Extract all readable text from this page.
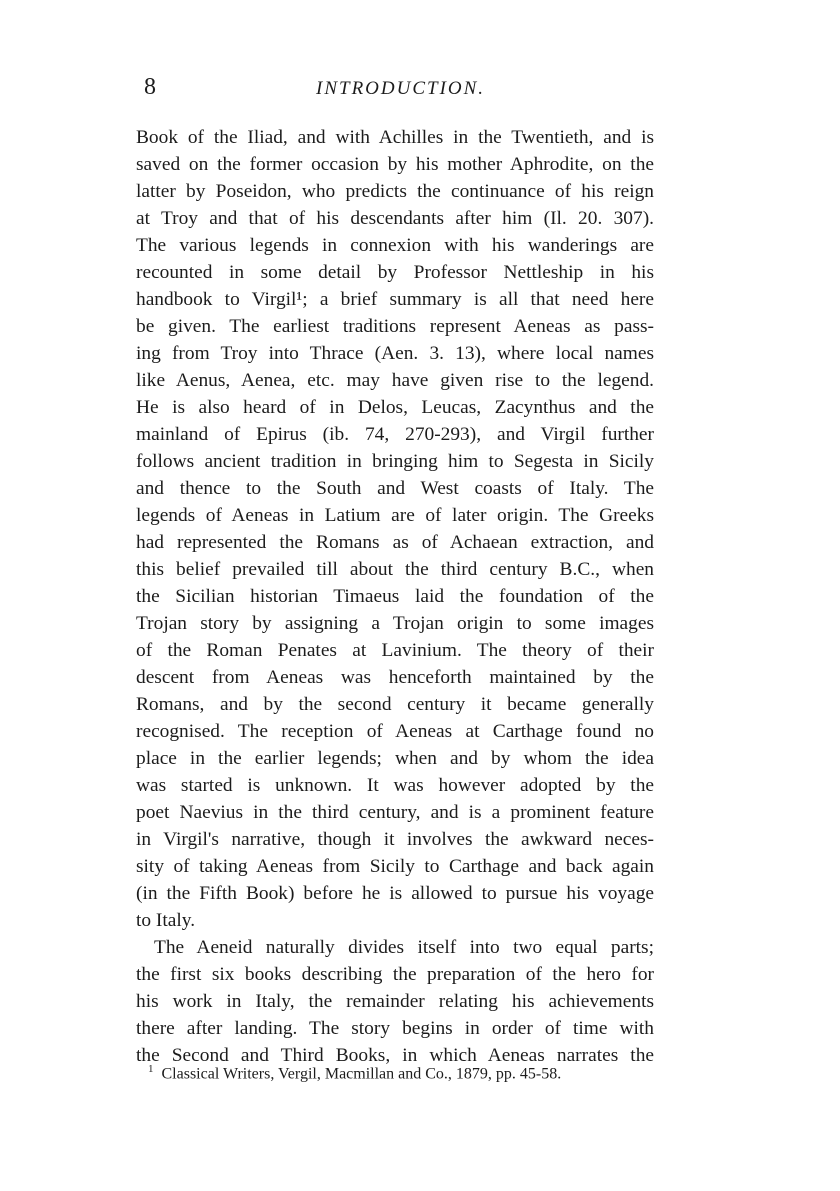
8	INTRODUCTION.
Book of the Iliad, and with Achilles in the Twentieth, and is
saved on the former occasion by his mother Aphrodite, on the
latter by Poseidon, who predicts the continuance of his reign
at Troy and that of his descendants after him (Il. 20. 307).
The various legends in connexion with his wanderings are
recounted in some detail by Professor Nettleship in his
handbook to Virgil¹; a brief summary is all that need here
be given. The earliest traditions represent Aeneas as pass-
ing from Troy into Thrace (Aen. 3. 13), where local names
like Aenus, Aenea, etc. may have given rise to the legend.
He is also heard of in Delos, Leucas, Zacynthus and the
mainland of Epirus (ib. 74, 270-293), and Virgil further
follows ancient tradition in bringing him to Segesta in Sicily
and thence to the South and West coasts of Italy. The
legends of Aeneas in Latium are of later origin. The Greeks
had represented the Romans as of Achaean extraction, and
this belief prevailed till about the third century B.C., when
the Sicilian historian Timaeus laid the foundation of the
Trojan story by assigning a Trojan origin to some images
of the Roman Penates at Lavinium. The theory of their
descent from Aeneas was henceforth maintained by the
Romans, and by the second century it became generally
recognised. The reception of Aeneas at Carthage found no
place in the earlier legends; when and by whom the idea
was started is unknown. It was however adopted by the
poet Naevius in the third century, and is a prominent feature
in Virgil's narrative, though it involves the awkward neces-
sity of taking Aeneas from Sicily to Carthage and back again
(in the Fifth Book) before he is allowed to pursue his voyage
to Italy.
The Aeneid naturally divides itself into two equal parts;
the first six books describing the preparation of the hero for
his work in Italy, the remainder relating his achievements
there after landing. The story begins in order of time with
the Second and Third Books, in which Aeneas narrates the
$^1$ Classical Writers, Vergil, Macmillan and Co., 1879, pp. 45-58.
